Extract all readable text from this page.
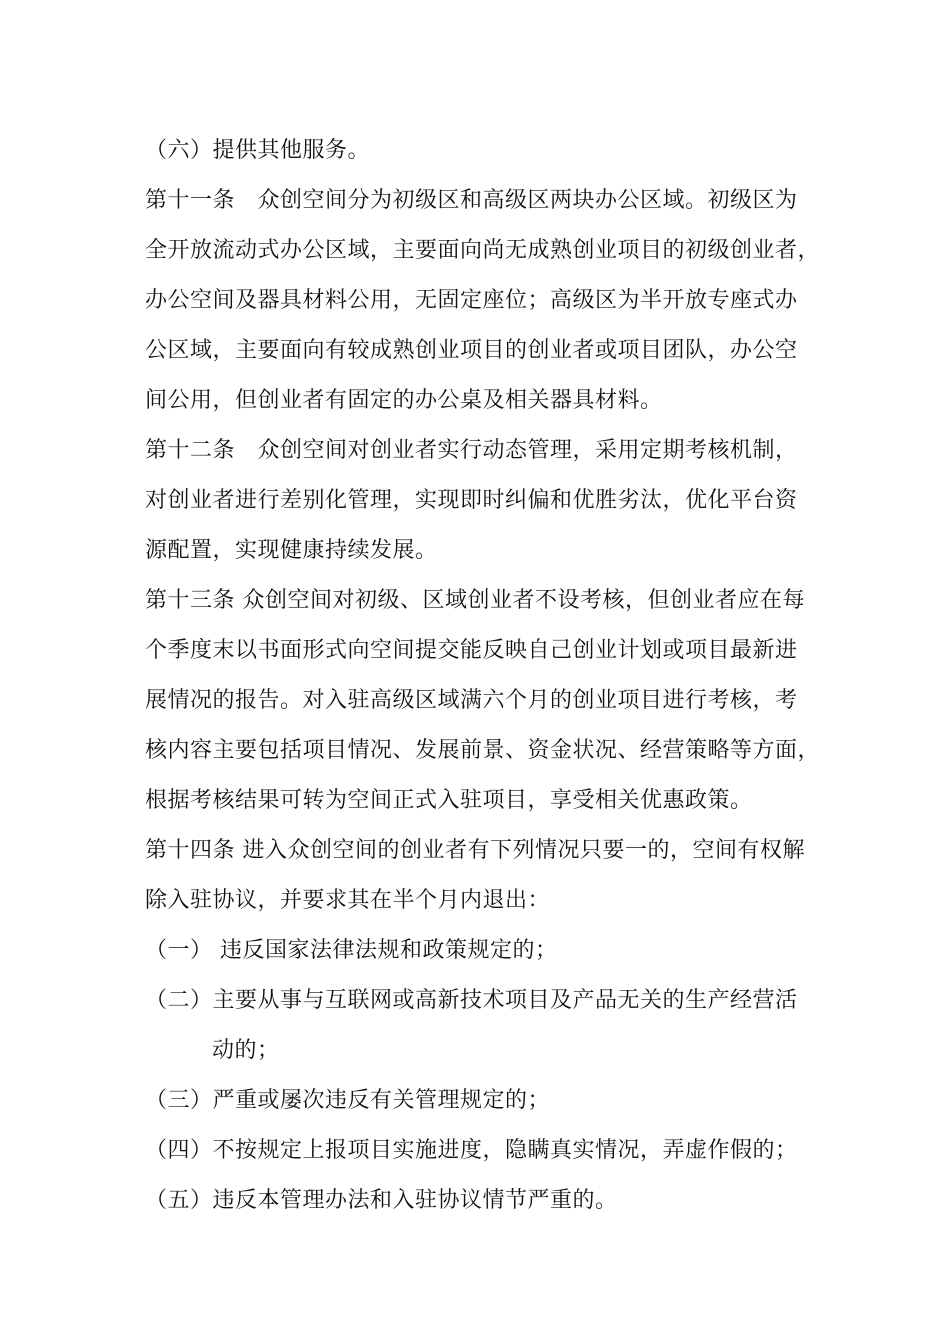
（六）提供其他服务。
第十一条　众创空间分为初级区和高级区两块办公区域。初级区为
全开放流动式办公区域，主要面向尚无成熟创业项目的初级创业者，
办公空间及器具材料公用，无固定座位；高级区为半开放专座式办
公区域，主要面向有较成熟创业项目的创业者或项目团队，办公空
间公用，但创业者有固定的办公桌及相关器具材料。
第十二条　众创空间对创业者实行动态管理，采用定期考核机制，
对创业者进行差别化管理，实现即时纠偏和优胜劣汰，优化平台资
源配置，实现健康持续发展。
第十三条 众创空间对初级、区域创业者不设考核，但创业者应在每
个季度末以书面形式向空间提交能反映自己创业计划或项目最新进
展情况的报告。对入驻高级区域满六个月的创业项目进行考核，考
核内容主要包括项目情况、发展前景、资金状况、经营策略等方面，
根据考核结果可转为空间正式入驻项目，享受相关优惠政策。
第十四条 进入众创空间的创业者有下列情况只要一的，空间有权解
除入驻协议，并要求其在半个月内退出：
（一） 违反国家法律法规和政策规定的；
（二）主要从事与互联网或高新技术项目及产品无关的生产经营活
动的；
（三）严重或屡次违反有关管理规定的；
（四）不按规定上报项目实施进度，隐瞒真实情况，弄虚作假的；
（五）违反本管理办法和入驻协议情节严重的。
